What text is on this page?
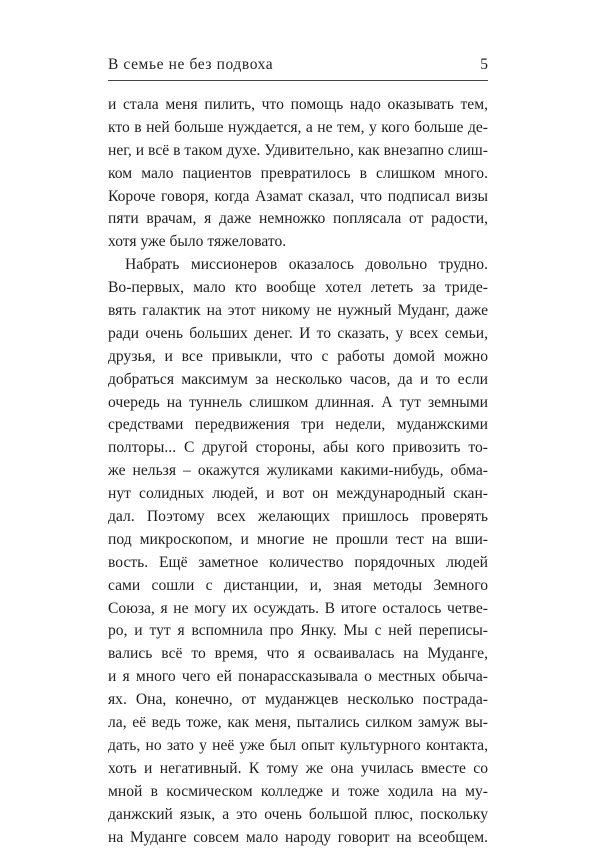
В семье не без подвоха	5
и стала меня пилить, что помощь надо оказывать тем,
кто в ней больше нуждается, а не тем, у кого больше де-
нег, и всё в таком духе. Удивительно, как внезапно слиш-
ком мало пациентов превратилось в слишком много.
Короче говоря, когда Азамат сказал, что подписал визы
пяти врачам, я даже немножко поплясала от радости,
хотя уже было тяжеловато.
Набрать миссионеров оказалось довольно трудно.
Во-первых, мало кто вообще хотел лететь за триде-
вять галактик на этот никому не нужный Муданг, даже
ради очень больших денег. И то сказать, у всех семьи,
друзья, и все привыкли, что с работы домой можно
добраться максимум за несколько часов, да и то если
очередь на туннель слишком длинная. А тут земными
средствами передвижения три недели, муданжскими
полторы... С другой стороны, абы кого привозить то-
же нельзя – окажутся жуликами какими-нибудь, обма-
нут солидных людей, и вот он международный скан-
дал. Поэтому всех желающих пришлось проверять
под микроскопом, и многие не прошли тест на вши-
вость. Ещё заметное количество порядочных людей
сами сошли с дистанции, и, зная методы Земного
Союза, я не могу их осуждать. В итоге осталось четве-
ро, и тут я вспомнила про Янку. Мы с ней переписы-
вались всё то время, что я осваивалась на Муданге,
и я много чего ей понарассказывала о местных обыча-
ях. Она, конечно, от муданжцев несколько пострада-
ла, её ведь тоже, как меня, пытались силком замуж вы-
дать, но зато у неё уже был опыт культурного контакта,
хоть и негативный. К тому же она училась вместе со
мной в космическом колледже и тоже ходила на му-
данжский язык, а это очень большой плюс, поскольку
на Муданге совсем мало народу говорит на всеобщем.
